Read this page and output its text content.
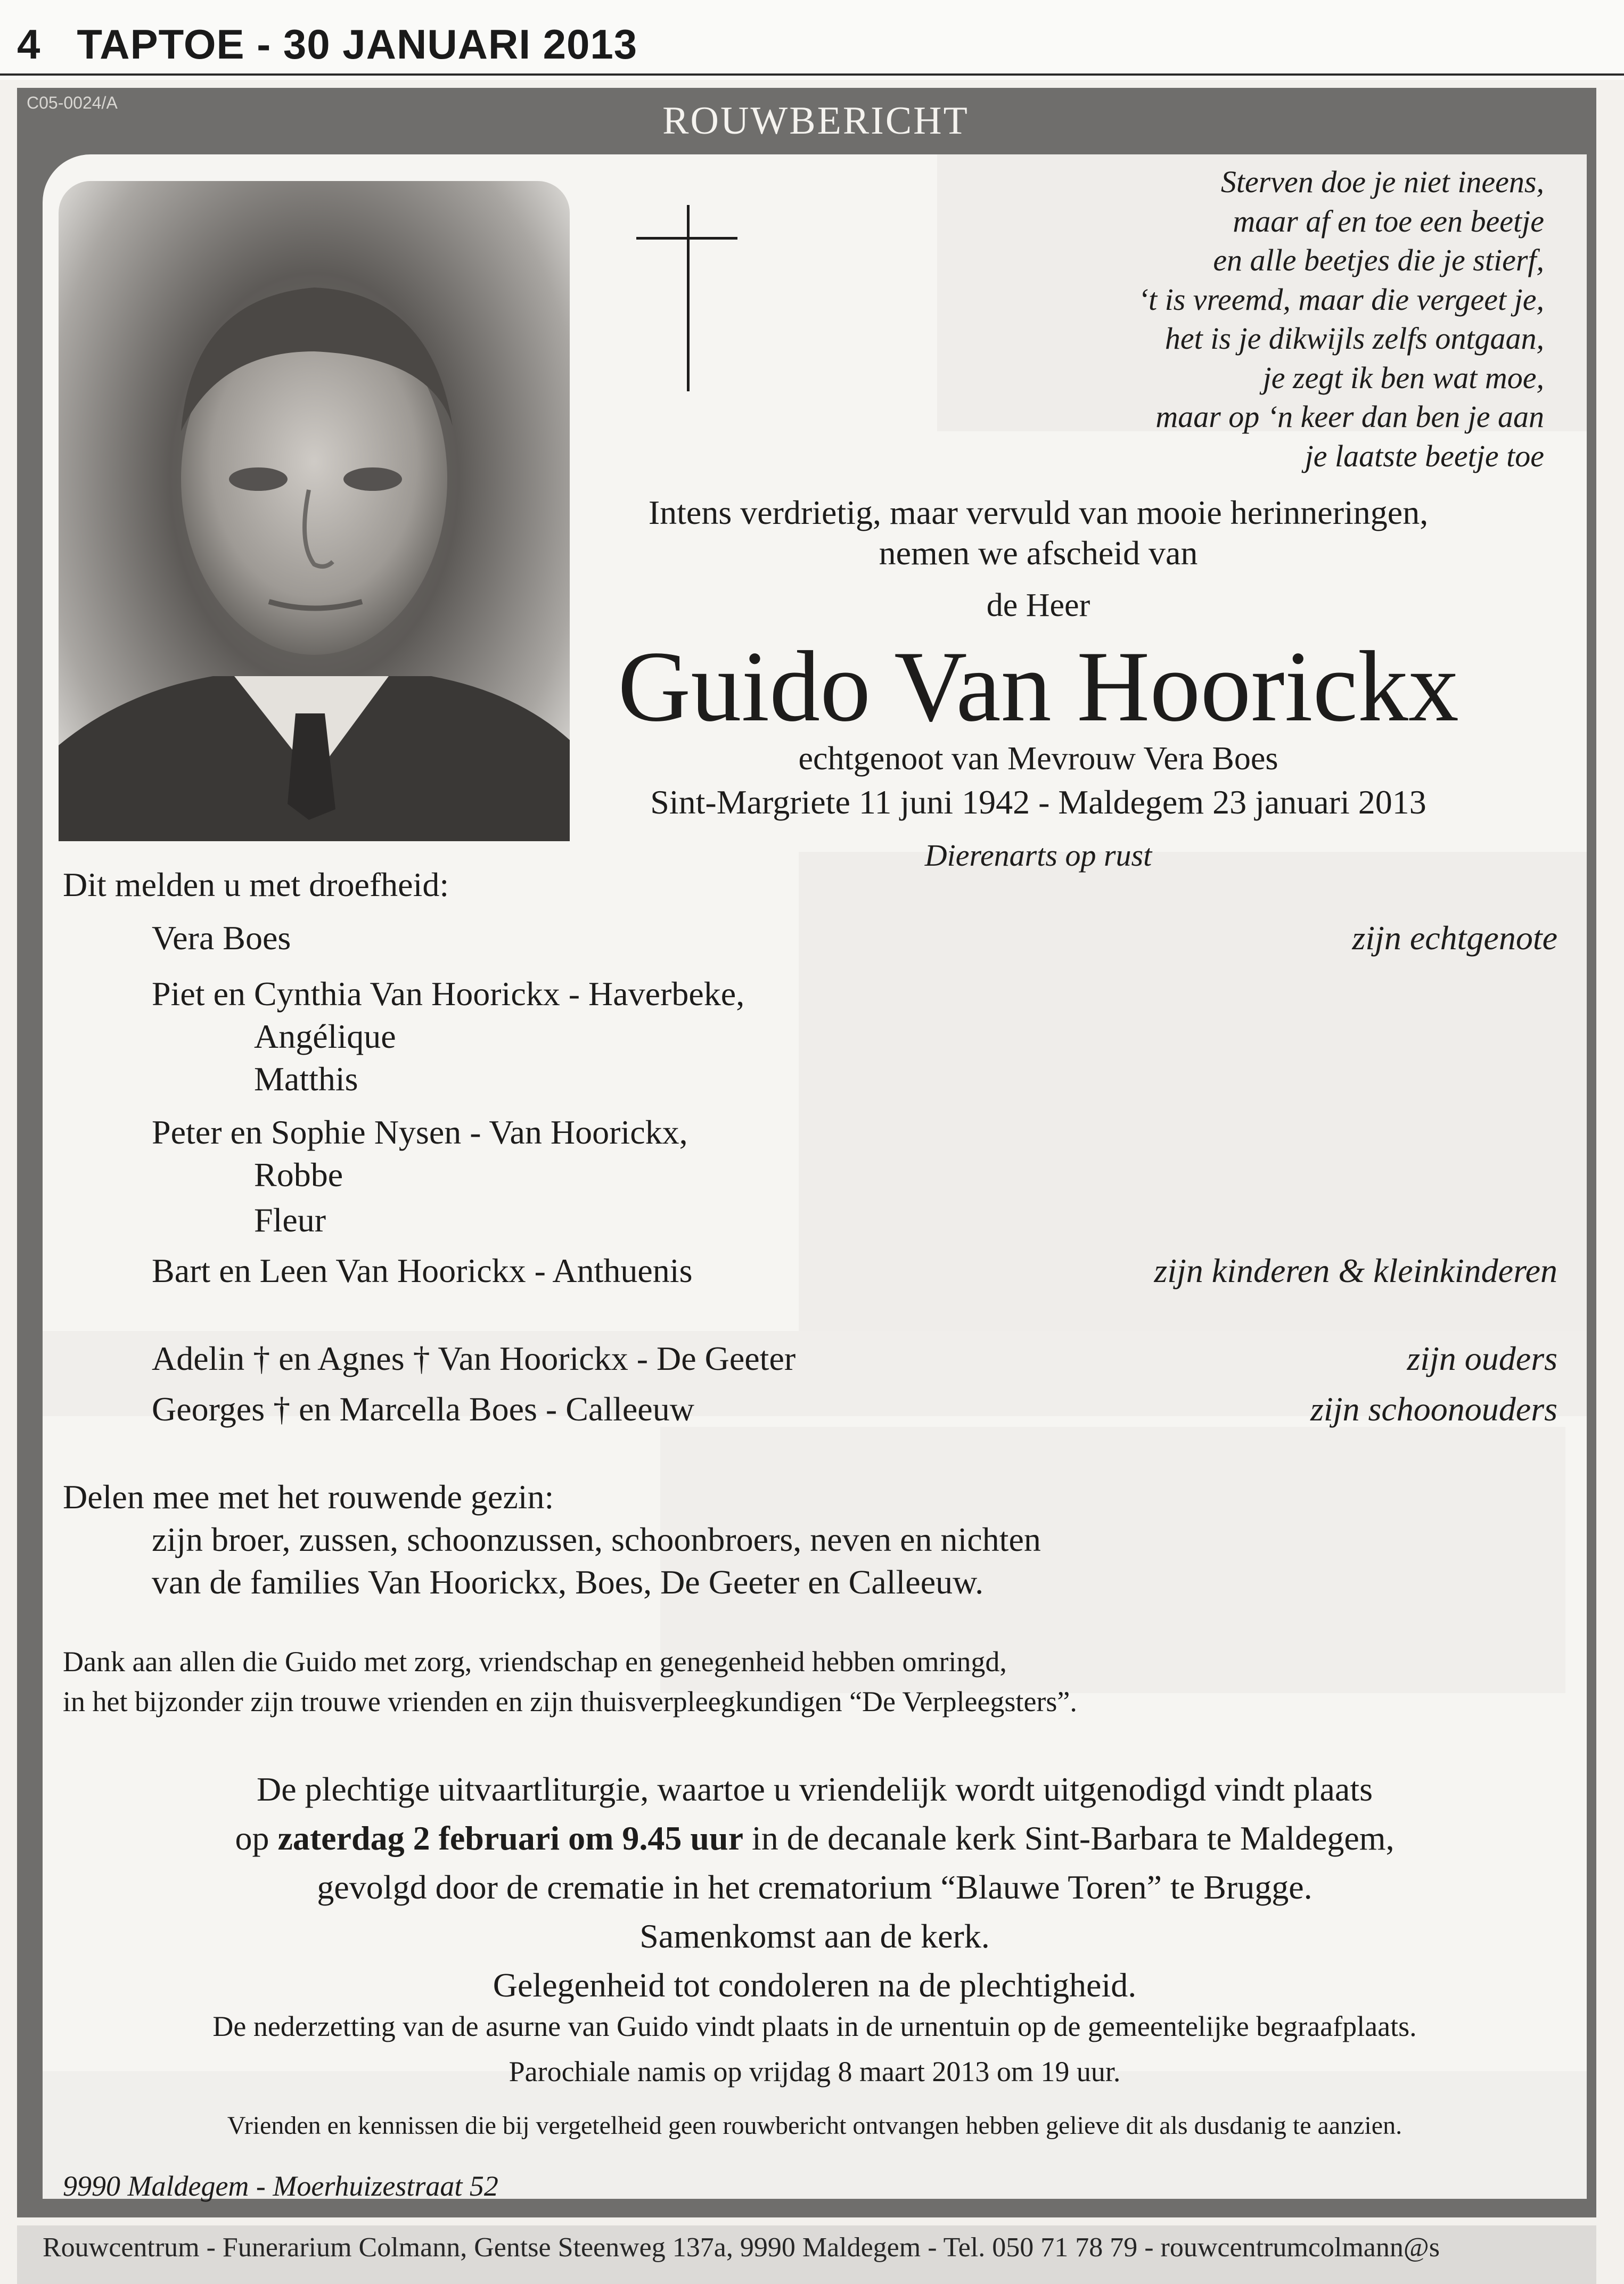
4 TAPTOE - 30 JANUARI 2013
C05-0024/A	ROUWBERICHT
Sterven doe je niet ineens,
maar af en toe een beetje
en alle beetjes die je stierf,
‘t is vreemd, maar die vergeet je,
het is je dikwijls zelfs ontgaan,
je zegt ik ben wat moe,
maar op ‘n keer dan ben je aan
je laatste beetje toe
Intens verdrietig, maar vervuld van mooie herinneringen,
nemen we afscheid van
de Heer
Guido Van Hoorickx
echtgenoot van Mevrouw Vera Boes
Sint-Margriete 11 juni 1942 - Maldegem 23 januari 2013
Dierenarts op rust
Dit melden u met droefheid:
Vera Boes	zijn echtgenote
Piet en Cynthia Van Hoorickx - Haverbeke,
Angélique
Matthis
Peter en Sophie Nysen - Van Hoorickx,
Robbe
Fleur
Bart en Leen Van Hoorickx - Anthuenis	zijn kinderen & kleinkinderen
Adelin † en Agnes † Van Hoorickx - De Geeter	zijn ouders
Georges † en Marcella Boes - Calleeuw	zijn schoonouders
Delen mee met het rouwende gezin:
zijn broer, zussen, schoonzussen, schoonbroers, neven en nichten
van de families Van Hoorickx, Boes, De Geeter en Calleeuw.
Dank aan allen die Guido met zorg, vriendschap en genegenheid hebben omringd,
in het bijzonder zijn trouwe vrienden en zijn thuisverpleegkundigen “De Verpleegsters”.
De plechtige uitvaartliturgie, waartoe u vriendelijk wordt uitgenodigd vindt plaats
op zaterdag 2 februari om 9.45 uur in de decanale kerk Sint-Barbara te Maldegem,
gevolgd door de crematie in het crematorium “Blauwe Toren” te Brugge.
Samenkomst aan de kerk.
Gelegenheid tot condoleren na de plechtigheid.
De nederzetting van de asurne van Guido vindt plaats in de urnentuin op de gemeentelijke begraafplaats.
Parochiale namis op vrijdag 8 maart 2013 om 19 uur.
Vrienden en kennissen die bij vergetelheid geen rouwbericht ontvangen hebben gelieve dit als dusdanig te aanzien.
9990 Maldegem - Moerhuizestraat 52
Rouwcentrum - Funerarium Colmann, Gentse Steenweg 137a, 9990 Maldegem - Tel. 050 71 78 79 - rouwcentrumcolmann@s
